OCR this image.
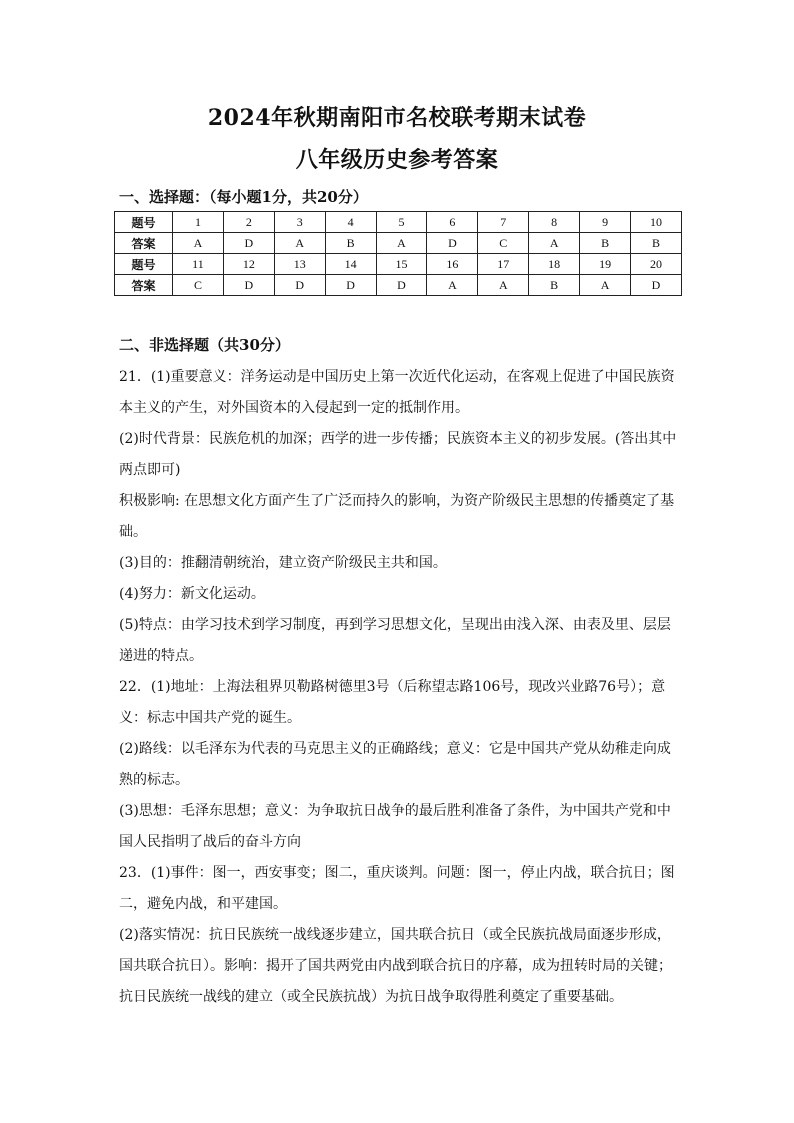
2024年秋期南阳市名校联考期末试卷
八年级历史参考答案
一、选择题：（每小题1分，共20分）
题号	1	2	3	4	5	6	7	8	9	10
答案	A	D	A	B	A	D	C	A	B	B
题号	11	12	13	14	15	16	17	18	19	20
答案	C	D	D	D	D	A	A	B	A	D
二、非选择题（共30分）

21．(1)重要意义：洋务运动是中国历史上第一次近代化运动，在客观上促进了中国民族资

本主义的产生，对外国资本的入侵起到一定的抵制作用。

(2)时代背景：民族危机的加深；西学的进一步传播；民族资本主义的初步发展。(答出其中

两点即可)

积极影响: 在思想文化方面产生了广泛而持久的影响，为资产阶级民主思想的传播奠定了基

础。

(3)目的：推翻清朝统治，建立资产阶级民主共和国。

(4)努力：新文化运动。

(5)特点：由学习技术到学习制度，再到学习思想文化，呈现出由浅入深、由表及里、层层

递进的特点。

22．(1)地址：上海法租界贝勒路树德里3号（后称望志路106号，现改兴业路76号）；意

义：标志中国共产党的诞生。

(2)路线：以毛泽东为代表的马克思主义的正确路线；意义：它是中国共产党从幼稚走向成

熟的标志。

(3)思想：毛泽东思想；意义：为争取抗日战争的最后胜利准备了条件，为中国共产党和中

国人民指明了战后的奋斗方向

23．(1)事件：图一，西安事变；图二，重庆谈判。问题：图一，停止内战，联合抗日；图

二，避免内战，和平建国。

(2)落实情况：抗日民族统一战线逐步建立，国共联合抗日（或全民族抗战局面逐步形成，

国共联合抗日）。影响：揭开了国共两党由内战到联合抗日的序幕，成为扭转时局的关键；

抗日民族统一战线的建立（或全民族抗战）为抗日战争取得胜利奠定了重要基础。
